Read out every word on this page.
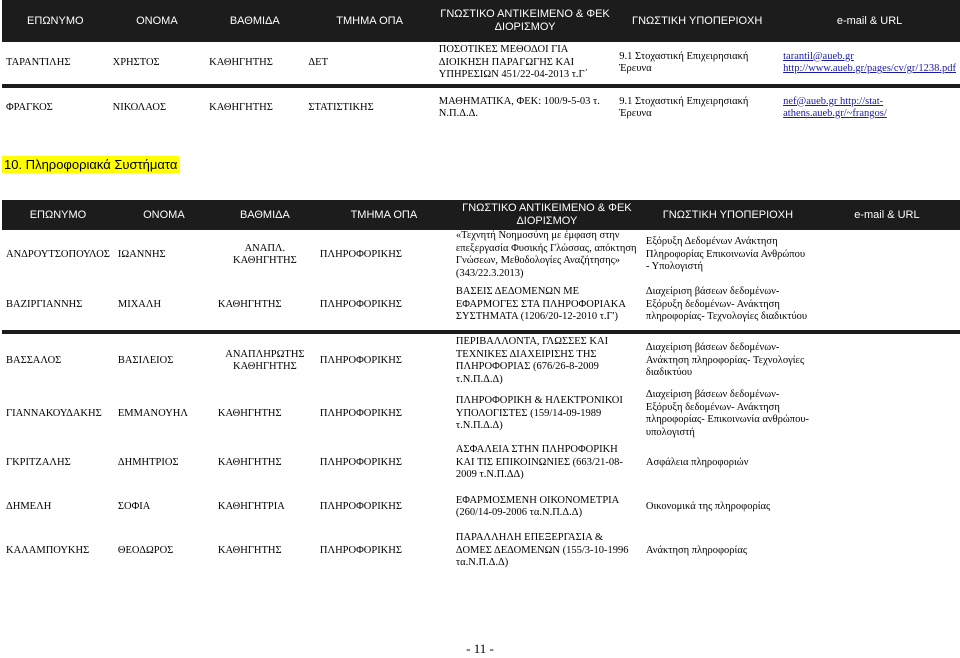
ΕΠΩΝΥΜΟ	ΟΝΟΜΑ	ΒΑΘΜΙΔΑ	ΤΜΗΜΑ ΟΠΑ	ΓΝΩΣΤΙΚΟ ΑΝΤΙΚΕΙΜΕΝΟ & ΦΕΚ ΔΙΟΡΙΣΜΟΥ	ΓΝΩΣΤΙΚΗ ΥΠΟΠΕΡΙΟΧΗ	e-mail & URL
ΤΑΡΑΝΤΙΛΗΣ	ΧΡΗΣΤΟΣ	ΚΑΘΗΓΗΤΗΣ	ΔΕΤ	ΠΟΣΟΤΙΚΕΣ ΜΕΘΟΔΟΙ ΓΙΑ ΔΙΟΙΚΗΣΗ ΠΑΡΑΓΩΓΗΣ ΚΑΙ ΥΠΗΡΕΣΙΩΝ 451/22-04-2013 τ.Γ΄	9.1 Στοχαστική Επιχειρησιακή Έρευνα	tarantil@aueb.gr http://www.aueb.gr/pages/cv/gr/1238.pdf

ΦΡΑΓΚΟΣ	ΝΙΚΟΛΑΟΣ	ΚΑΘΗΓΗΤΗΣ	ΣΤΑΤΙΣΤΙΚΗΣ	ΜΑΘΗΜΑΤΙΚΑ, ΦΕΚ: 100/9-5-03 τ. Ν.Π.Δ.Δ.	9.1 Στοχαστική Επιχειρησιακή Έρευνα	nef@aueb.gr http://stat-athens.aueb.gr/~frangos/
10. Πληροφοριακά Συστήματα
ΕΠΩΝΥΜΟ	ΟΝΟΜΑ	ΒΑΘΜΙΔΑ	ΤΜΗΜΑ ΟΠΑ	ΓΝΩΣΤΙΚΟ ΑΝΤΙΚΕΙΜΕΝΟ & ΦΕΚ ΔΙΟΡΙΣΜΟΥ	ΓΝΩΣΤΙΚΗ ΥΠΟΠΕΡΙΟΧΗ	e-mail & URL
ΑΝΔΡΟΥΤΣΟΠΟΥΛΟΣ	ΙΩΑΝΝΗΣ	ΑΝΑΠΛ. ΚΑΘΗΓΗΤΗΣ	ΠΛΗΡΟΦΟΡΙΚΗΣ	«Τεχνητή Νοημοσύνη με έμφαση στην επεξεργασία Φυσικής Γλώσσας, απόκτηση Γνώσεων, Μεθοδολογίες Αναζήτησης» (343/22.3.2013)	Εξόρυξη Δεδομένων Ανάκτηση Πληροφορίας Επικοινωνία Ανθρώπου - Υπολογιστή	
ΒΑΖΙΡΓΙΑΝΝΗΣ	ΜΙΧΑΛΗ	ΚΑΘΗΓΗΤΗΣ	ΠΛΗΡΟΦΟΡΙΚΗΣ	ΒΑΣΕΙΣ ΔΕΔΟΜΕΝΩΝ ΜΕ ΕΦΑΡΜΟΓΕΣ ΣΤΑ ΠΛΗΡΟΦΟΡΙΑΚΑ ΣΥΣΤΗΜΑΤΑ (1206/20-12-2010 τ.Γ')	Διαχείριση βάσεων δεδομένων- Εξόρυξη δεδομένων- Ανάκτηση πληροφορίας- Τεχνολογίες διαδικτύου	

ΒΑΣΣΑΛΟΣ	ΒΑΣΙΛΕΙΟΣ	ΑΝΑΠΛΗΡΩΤΗΣ ΚΑΘΗΓΗΤΗΣ	ΠΛΗΡΟΦΟΡΙΚΗΣ	ΠΕΡΙΒΑΛΛΟΝΤΑ, ΓΛΩΣΣΕΣ ΚΑΙ ΤΕΧΝΙΚΕΣ ΔΙΑΧΕΙΡΙΣΗΣ ΤΗΣ ΠΛΗΡΟΦΟΡΙΑΣ (676/26-8-2009 τ.Ν.Π.Δ.Δ)	Διαχείριση βάσεων δεδομένων- Ανάκτηση πληροφορίας- Τεχνολογίες διαδικτύου	
ΓΙΑΝΝΑΚΟΥΔΑΚΗΣ	ΕΜΜΑΝΟΥΗΛ	ΚΑΘΗΓΗΤΗΣ	ΠΛΗΡΟΦΟΡΙΚΗΣ	ΠΛΗΡΟΦΟΡΙΚΗ & ΗΛΕΚΤΡΟΝΙΚΟΙ ΥΠΟΛΟΓΙΣΤΕΣ (159/14-09-1989 τ.Ν.Π.Δ.Δ)	Διαχείριση βάσεων δεδομένων- Εξόρυξη δεδομένων- Ανάκτηση πληροφορίας- Επικοινωνία ανθρώπου-υπολογιστή	
ΓΚΡΙΤΖΑΛΗΣ	ΔΗΜΗΤΡΙΟΣ	ΚΑΘΗΓΗΤΗΣ	ΠΛΗΡΟΦΟΡΙΚΗΣ	ΑΣΦΑΛΕΙΑ ΣΤΗΝ ΠΛΗΡΟΦΟΡΙΚΗ ΚΑΙ ΤΙΣ ΕΠΙΚΟΙΝΩΝΙΕΣ (663/21-08-2009 τ.Ν.Π.ΔΔ)	Ασφάλεια πληροφοριών	
ΔΗΜΕΛΗ	ΣΟΦΙΑ	ΚΑΘΗΓΗΤΡΙΑ	ΠΛΗΡΟΦΟΡΙΚΗΣ	ΕΦΑΡΜΟΣΜΕΝΗ ΟΙΚΟΝΟΜΕΤΡΙΑ (260/14-09-2006 τα.Ν.Π.Δ.Δ)	Οικονομικά της πληροφορίας	
ΚΑΛΑΜΠΟΥΚΗΣ	ΘΕΟΔΩΡΟΣ	ΚΑΘΗΓΗΤΗΣ	ΠΛΗΡΟΦΟΡΙΚΗΣ	ΠΑΡΑΛΛΗΛΗ ΕΠΕΞΕΡΓΑΣΙΑ & ΔΟΜΕΣ ΔΕΔΟΜΕΝΩΝ (155/3-10-1996 τα.Ν.Π.Δ.Δ)	Ανάκτηση πληροφορίας	
- 11 -
